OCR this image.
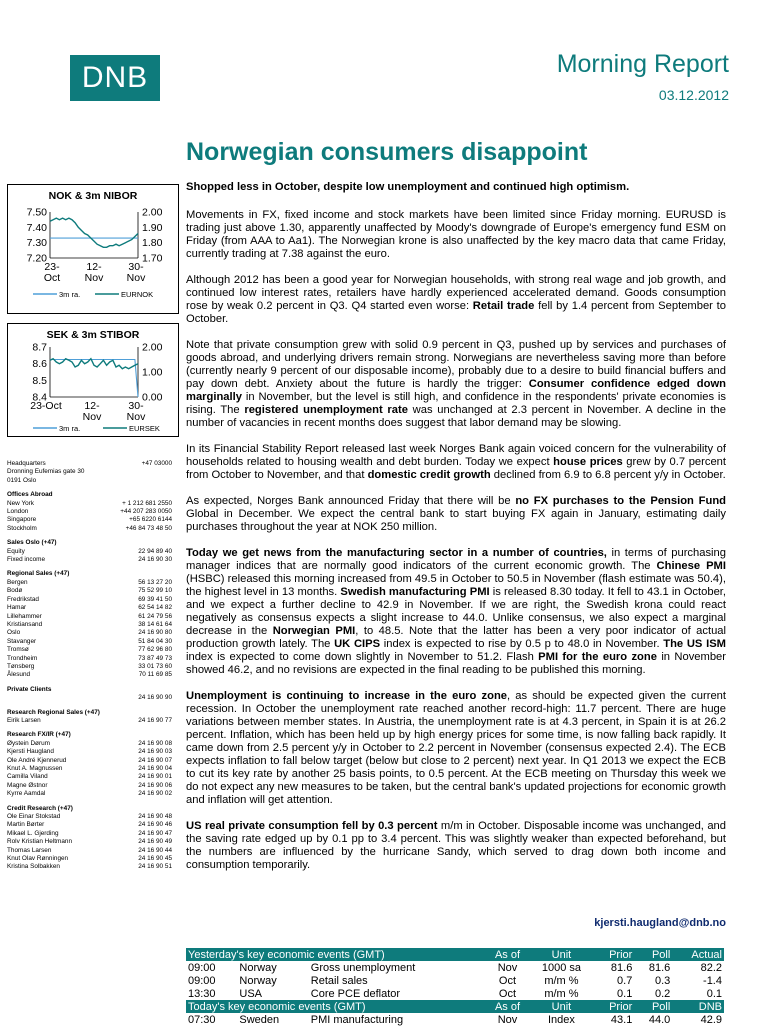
DNB	Morning Report
03.12.2012
Norwegian consumers disappoint
Shopped less in October, despite low unemployment and continued high optimism.

Movements in FX, fixed income and stock markets have been limited since Friday morning. EURUSD is trading just above 1.30, apparently unaffected by Moody's downgrade of Europe's emergency fund ESM on Friday (from AAA to Aa1). The Norwegian krone is also unaffected by the key macro data that came Friday, currently trading at 7.38 against the euro.

Although 2012 has been a good year for Norwegian households, with strong real wage and job growth, and continued low interest rates, retailers have hardly experienced accelerated demand. Goods consumption rose by weak 0.2 percent in Q3. Q4 started even worse: Retail trade fell by 1.4 percent from September to October.

Note that private consumption grew with solid 0.9 percent in Q3, pushed up by services and purchases of goods abroad, and underlying drivers remain strong. Norwegians are nevertheless saving more than before (currently nearly 9 percent of our disposable income), probably due to a desire to build financial buffers and pay down debt. Anxiety about the future is hardly the trigger: Consumer confidence edged down marginally in November, but the level is still high, and confidence in the respondents' private economies is rising. The registered unemployment rate was unchanged at 2.3 percent in November. A decline in the number of vacancies in recent months does suggest that labor demand may be slowing.

In its Financial Stability Report released last week Norges Bank again voiced concern for the vulnerability of households related to housing wealth and debt burden. Today we expect house prices grew by 0.7 percent from October to November, and that domestic credit growth declined from 6.9 to 6.8 percent y/y in October.

As expected, Norges Bank announced Friday that there will be no FX purchases to the Pension Fund Global in December. We expect the central bank to start buying FX again in January, estimating daily purchases throughout the year at NOK 250 million.

Today we get news from the manufacturing sector in a number of countries, in terms of purchasing manager indices that are normally good indicators of the current economic growth. The Chinese PMI (HSBC) released this morning increased from 49.5 in October to 50.5 in November (flash estimate was 50.4), the highest level in 13 months. Swedish manufacturing PMI is released 8.30 today. It fell to 43.1 in October, and we expect a further decline to 42.9 in November. If we are right, the Swedish krona could react negatively as consensus expects a slight increase to 44.0. Unlike consensus, we also expect a marginal decrease in the Norwegian PMI, to 48.5. Note that the latter has been a very poor indicator of actual production growth lately. The UK CIPS index is expected to rise by 0.5 p to 48.0 in November. The US ISM index is expected to come down slightly in November to 51.2. Flash PMI for the euro zone in November showed 46.2, and no revisions are expected in the final reading to be published this morning.

Unemployment is continuing to increase in the euro zone, as should be expected given the current recession. In October the unemployment rate reached another record-high: 11.7 percent. There are huge variations between member states. In Austria, the unemployment rate is at 4.3 percent, in Spain it is at 26.2 percent. Inflation, which has been held up by high energy prices for some time, is now falling back rapidly. It came down from 2.5 percent y/y in October to 2.2 percent in November (consensus expected 2.4). The ECB expects inflation to fall below target (below but close to 2 percent) next year. In Q1 2013 we expect the ECB to cut its key rate by another 25 basis points, to 0.5 percent. At the ECB meeting on Thursday this week we do not expect any new measures to be taken, but the central bank's updated projections for economic growth and inflation will get attention.

US real private consumption fell by 0.3 percent m/m in October. Disposable income was unchanged, and the saving rate edged up by 0.1 pp to 3.4 percent. This was slightly weaker than expected beforehand, but the numbers are influenced by the hurricane Sandy, which served to drag down both income and consumption temporarily.

kjersti.haugland@dnb.no
NOK & 3m NIBOR
7.50
7.40
7.30
7.20
2.00
1.90
1.80
1.70
23-Oct
12-Nov
30-Nov
3m ra.	EURNOK
SEK & 3m STIBOR
8.7
8.6
8.5
8.4
2.00
1.00
0.00
23-Oct 12-Nov
30-Nov
3m ra.	EURSEK
Headquarters	+47 03000
Dronning Eufemias gate 30
0191 Oslo
Offices Abroad
New York	+ 1 212 681 2550
London	+44 207 283 0050
Singapore	+65 6220 6144
Stockholm	+46 84 73 48 50
Sales Oslo (+47)
Equity	22 94 89 40
Fixed income	24 16 90 30
Regional Sales (+47)
Bergen	56 13 27 20
Bodø	75 52 99 10
Fredrikstad	69 39 41 50
Hamar	62 54 14 82
Lillehammer	61 24 79 56
Kristiansand	38 14 61 64
Oslo	24 16 90 80
Stavanger	51 84 04 30
Tromsø	77 62 96 80
Trondheim	73 87 49 73
Tønsberg	33 01 73 60
Ålesund	70 11 69 85
Private Clients
24 16 90 90
Research Regional Sales (+47)
Eirik Larsen	24 16 90 77
Research FX/IR (+47)
Øystein Dørum	24 16 90 08
Kjersti Haugland	24 16 90 03
Ole André Kjennerud	24 16 90 07
Knut A. Magnussen	24 16 90 04
Camilla Viland	24 16 90 01
Magne Østnor	24 16 90 06
Kyrre Aamdal	24 16 90 02
Credit Research (+47)
Ole Einar Stokstad	24 16 90 48
Martin Børter	24 16 90 46
Mikael L. Gjerding	24 16 90 47
Rolv Kristian Heltmann	24 16 90 49
Thomas Larsen	24 16 90 44
Knut Olav Rønningen	24 16 90 45
Kristina Solbakken	24 16 90 51
Yesterday's key economic events (GMT)			As of	Unit	Prior	Poll	Actual
09:00	Norway	Gross unemployment	Nov	1000 sa	81.6	81.6	82.2
09:00	Norway	Retail sales	Oct	m/m %	0.7	0.3	-1.4
13:30	USA	Core PCE deflator	Oct	m/m %	0.1	0.2	0.1
Today's key economic events (GMT)			As of	Unit	Prior	Poll	DNB
07:30	Sweden	PMI manufacturing	Nov	Index	43.1	44.0	42.9
